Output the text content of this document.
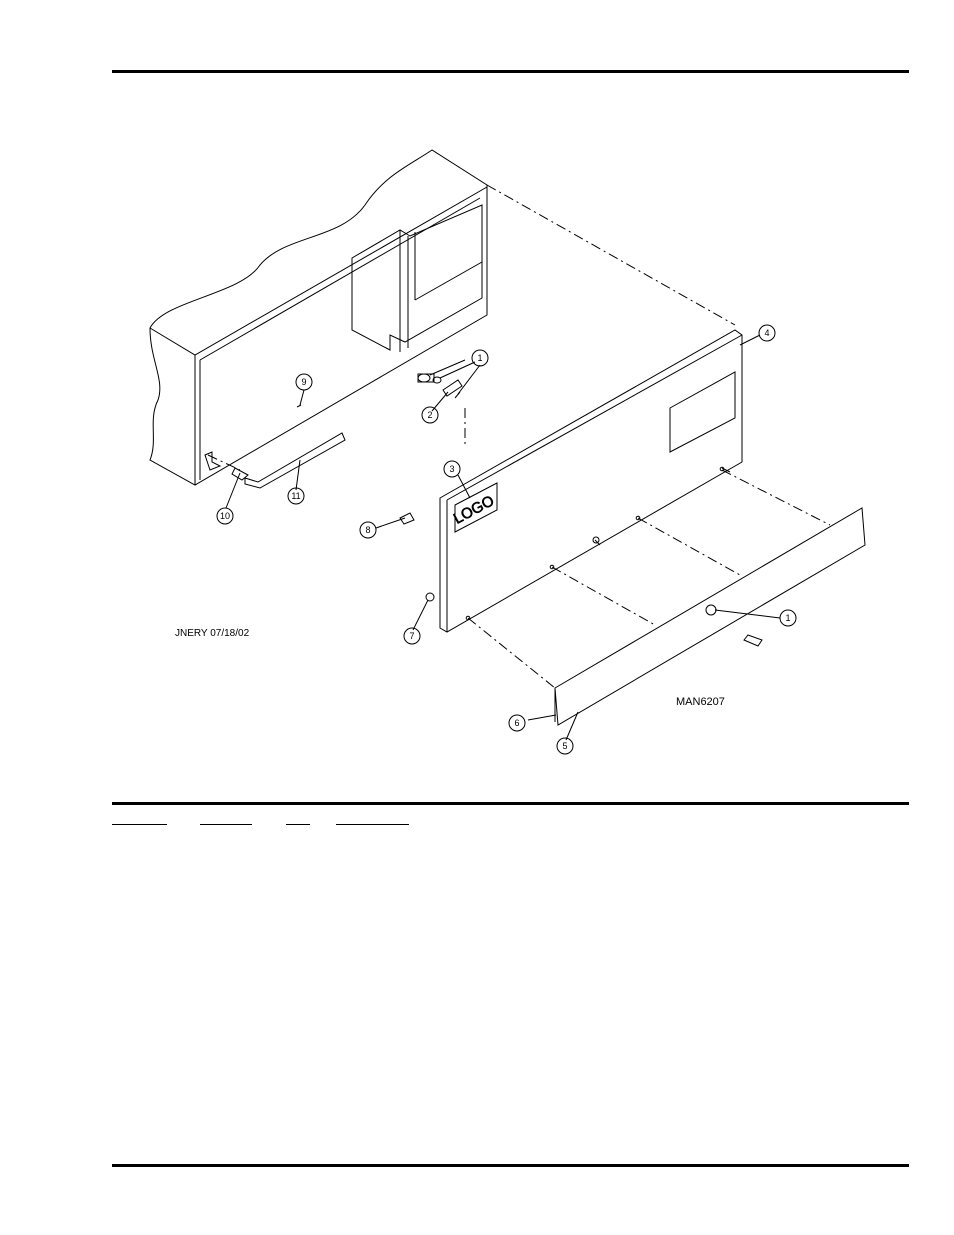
1
2
3
4
5
6
7
8
9
10
11
1
LOGO
JNERY 07/18/02
MAN6207
